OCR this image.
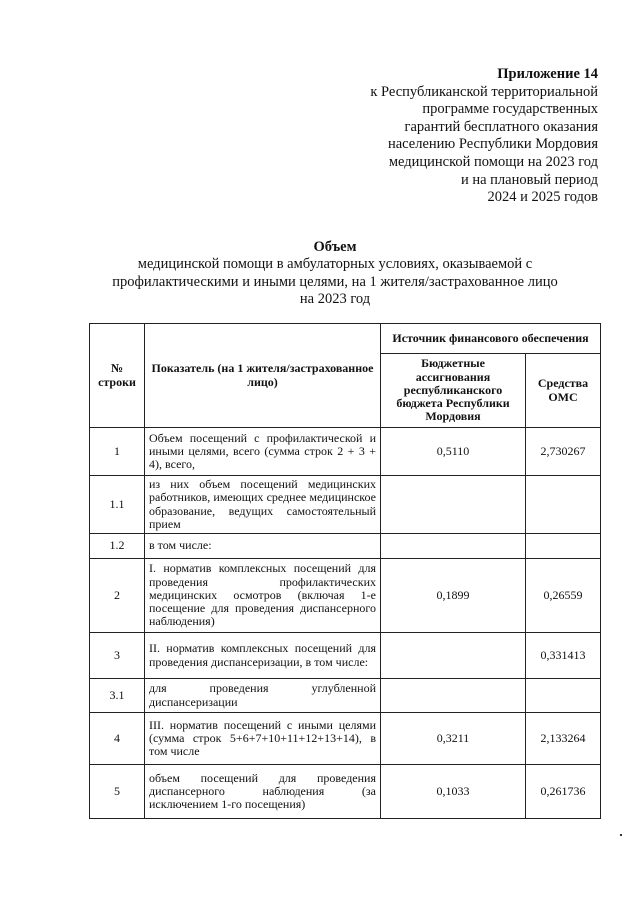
Приложение 14
к Республиканской территориальной
программе государственных
гарантий бесплатного оказания
населению Республики Мордовия
медицинской помощи на 2023 год
и на плановый период
2024 и 2025 годов
Объем
медицинской помощи в амбулаторных условиях, оказываемой с
профилактическими и иными целями, на 1 жителя/застрахованное лицо
на 2023 год
№ строки	Показатель (на 1 жителя/застрахованное лицо)	Источник финансового обеспечения	
		Бюджетные ассигнования республиканского бюджета Республики Мордовия	Средства ОМС
1	Объем посещений с профилактической и иными целями, всего (сумма строк 2 + 3 + 4), всего,	0,5110	2,730267
1.1	из них объем посещений медицинских работников, имеющих среднее медицинское образование, ведущих самостоятельный прием		
1.2	в том числе:		
2	I. норматив комплексных посещений для проведения профилактических медицинских осмотров (включая 1-е посещение для проведения диспансерного наблюдения)	0,1899	0,26559
3	II. норматив комплексных посещений для проведения диспансеризации, в том числе:		0,331413
3.1	для проведения углубленной диспансеризации		
4	III. норматив посещений с иными целями (сумма строк 5+6+7+10+11+12+13+14), в том числе	0,3211	2,133264
5	объем посещений для проведения диспансерного наблюдения (за исключением 1-го посещения)	0,1033	0,261736
